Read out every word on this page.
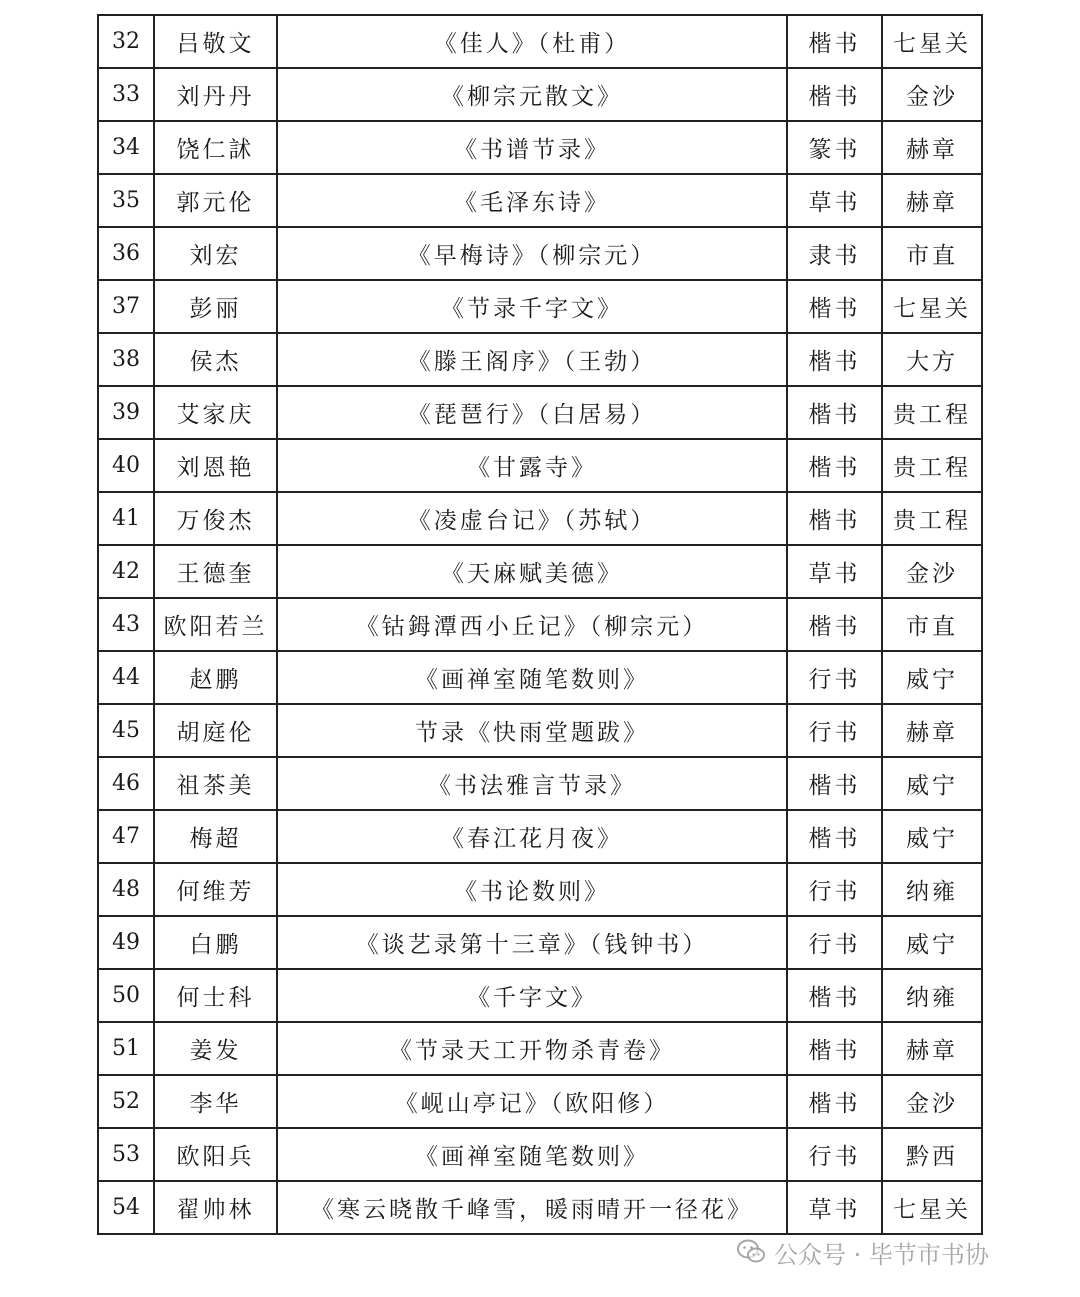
32	吕敬文	《佳人》（杜甫）	楷书	七星关
33	刘丹丹	《柳宗元散文》	楷书	金沙
34	饶仁訹	《书谱节录》	篆书	赫章
35	郭元伦	《毛泽东诗》	草书	赫章
36	刘宏	《早梅诗》（柳宗元）	隶书	市直
37	彭丽	《节录千字文》	楷书	七星关
38	侯杰	《滕王阁序》（王勃）	楷书	大方
39	艾家庆	《琵琶行》（白居易）	楷书	贵工程
40	刘恩艳	《甘露寺》	楷书	贵工程
41	万俊杰	《凌虚台记》（苏轼）	楷书	贵工程
42	王德奎	《天麻赋美德》	草书	金沙
43	欧阳若兰	《钴鉧潭西小丘记》（柳宗元）	楷书	市直
44	赵鹏	《画禅室随笔数则》	行书	威宁
45	胡庭伦	节录《快雨堂题跋》	行书	赫章
46	祖茶美	《书法雅言节录》	楷书	威宁
47	梅超	《春江花月夜》	楷书	威宁
48	何维芳	《书论数则》	行书	纳雍
49	白鹏	《谈艺录第十三章》（钱钟书）	行书	威宁
50	何士科	《千字文》	楷书	纳雍
51	姜发	《节录天工开物杀青卷》	楷书	赫章
52	李华	《岘山亭记》（欧阳修）	楷书	金沙
53	欧阳兵	《画禅室随笔数则》	行书	黔西
54	翟帅林	《寒云晓散千峰雪，暖雨晴开一径花》	草书	七星关
公众号 · 毕节市书协
